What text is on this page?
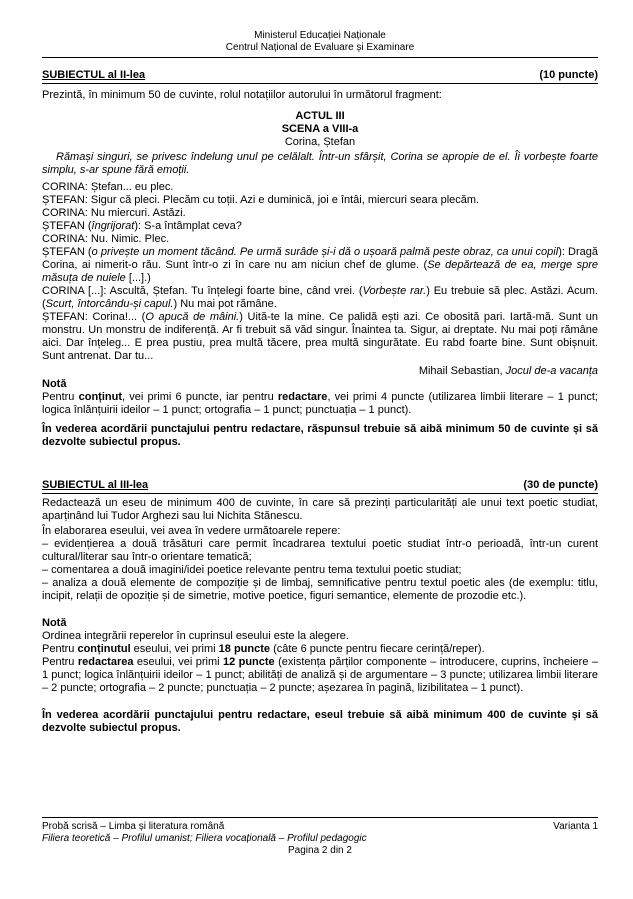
Ministerul Educației Naționale
Centrul Național de Evaluare și Examinare
SUBIECTUL al II-lea	(10 puncte)

Prezintă, în minimum 50 de cuvinte, rolul notațiilor autorului în următorul fragment:

ACTUL III
SCENA a VIII-a
Corina, Ștefan

Rămași singuri, se privesc îndelung unul pe celălalt. Într-un sfârșit, Corina se apropie de el. Îi vorbește foarte simplu, s-ar spune fără emoții.

CORINA: Ștefan... eu plec.

ȘTEFAN: Sigur că pleci. Plecăm cu toții. Azi e duminică, joi e întâi, miercuri seara plecăm.

CORINA: Nu miercuri. Astăzi.

ȘTEFAN (îngrijorat): S-a întâmplat ceva?

CORINA: Nu. Nimic. Plec.

ȘTEFAN (o privește un moment tăcând. Pe urmă surâde și-i dă o ușoară palmă peste obraz, ca unui copil): Dragă Corina, ai nimerit-o rău. Sunt într-o zi în care nu am niciun chef de glume. (Se depărtează de ea, merge spre măsuța de nuiele [...].)

CORINA [...]: Ascultă, Ștefan. Tu înțelegi foarte bine, când vrei. (Vorbește rar.) Eu trebuie să plec. Astăzi. Acum. (Scurt, întorcându-și capul.) Nu mai pot rămâne.

ȘTEFAN: Corina!... (O apucă de mâini.) Uită-te la mine. Ce palidă ești azi. Ce obosită pari. Iartă-mă. Sunt un monstru. Un monstru de indiferență. Ar fi trebuit să văd singur. Înaintea ta. Sigur, ai dreptate. Nu mai poți rămâne aici. Dar înțeleg... E prea pustiu, prea multă tăcere, prea multă singurătate. Eu rabd foarte bine. Sunt obișnuit. Sunt antrenat. Dar tu...

Mihail Sebastian, Jocul de-a vacanța

Notă

Pentru conținut, vei primi 6 puncte, iar pentru redactare, vei primi 4 puncte (utilizarea limbii literare – 1 punct; logica înlănțuirii ideilor – 1 punct; ortografia – 1 punct; punctuația – 1 punct).

În vederea acordării punctajului pentru redactare, răspunsul trebuie să aibă minimum 50 de cuvinte și să dezvolte subiectul propus.

SUBIECTUL al III-lea	(30 de puncte)

Redactează un eseu de minimum 400 de cuvinte, în care să prezinți particularități ale unui text poetic studiat, aparținând lui Tudor Arghezi sau lui Nichita Stănescu.

În elaborarea eseului, vei avea în vedere următoarele repere:

– evidențierea a două trăsături care permit încadrarea textului poetic studiat într-o perioadă, într-un curent cultural/literar sau într-o orientare tematică;

– comentarea a două imagini/idei poetice relevante pentru tema textului poetic studiat;

– analiza a două elemente de compoziție și de limbaj, semnificative pentru textul poetic ales (de exemplu: titlu, incipit, relații de opoziție și de simetrie, motive poetice, figuri semantice, elemente de prozodie etc.).

Notă

Ordinea integrării reperelor în cuprinsul eseului este la alegere.

Pentru conținutul eseului, vei primi 18 puncte (câte 6 puncte pentru fiecare cerință/reper).

Pentru redactarea eseului, vei primi 12 puncte (existența părților componente – introducere, cuprins, încheiere – 1 punct; logica înlănțuirii ideilor – 1 punct; abilități de analiză și de argumentare – 3 puncte; utilizarea limbii literare – 2 puncte; ortografia – 2 puncte; punctuația – 2 puncte; așezarea în pagină, lizibilitatea – 1 punct).

În vederea acordării punctajului pentru redactare, eseul trebuie să aibă minimum 400 de cuvinte și să dezvolte subiectul propus.

Probă scrisă – Limba și literatura română	Varianta 1
Filiera teoretică – Profilul umanist; Filiera vocațională – Profilul pedagogic
Pagina 2 din 2
